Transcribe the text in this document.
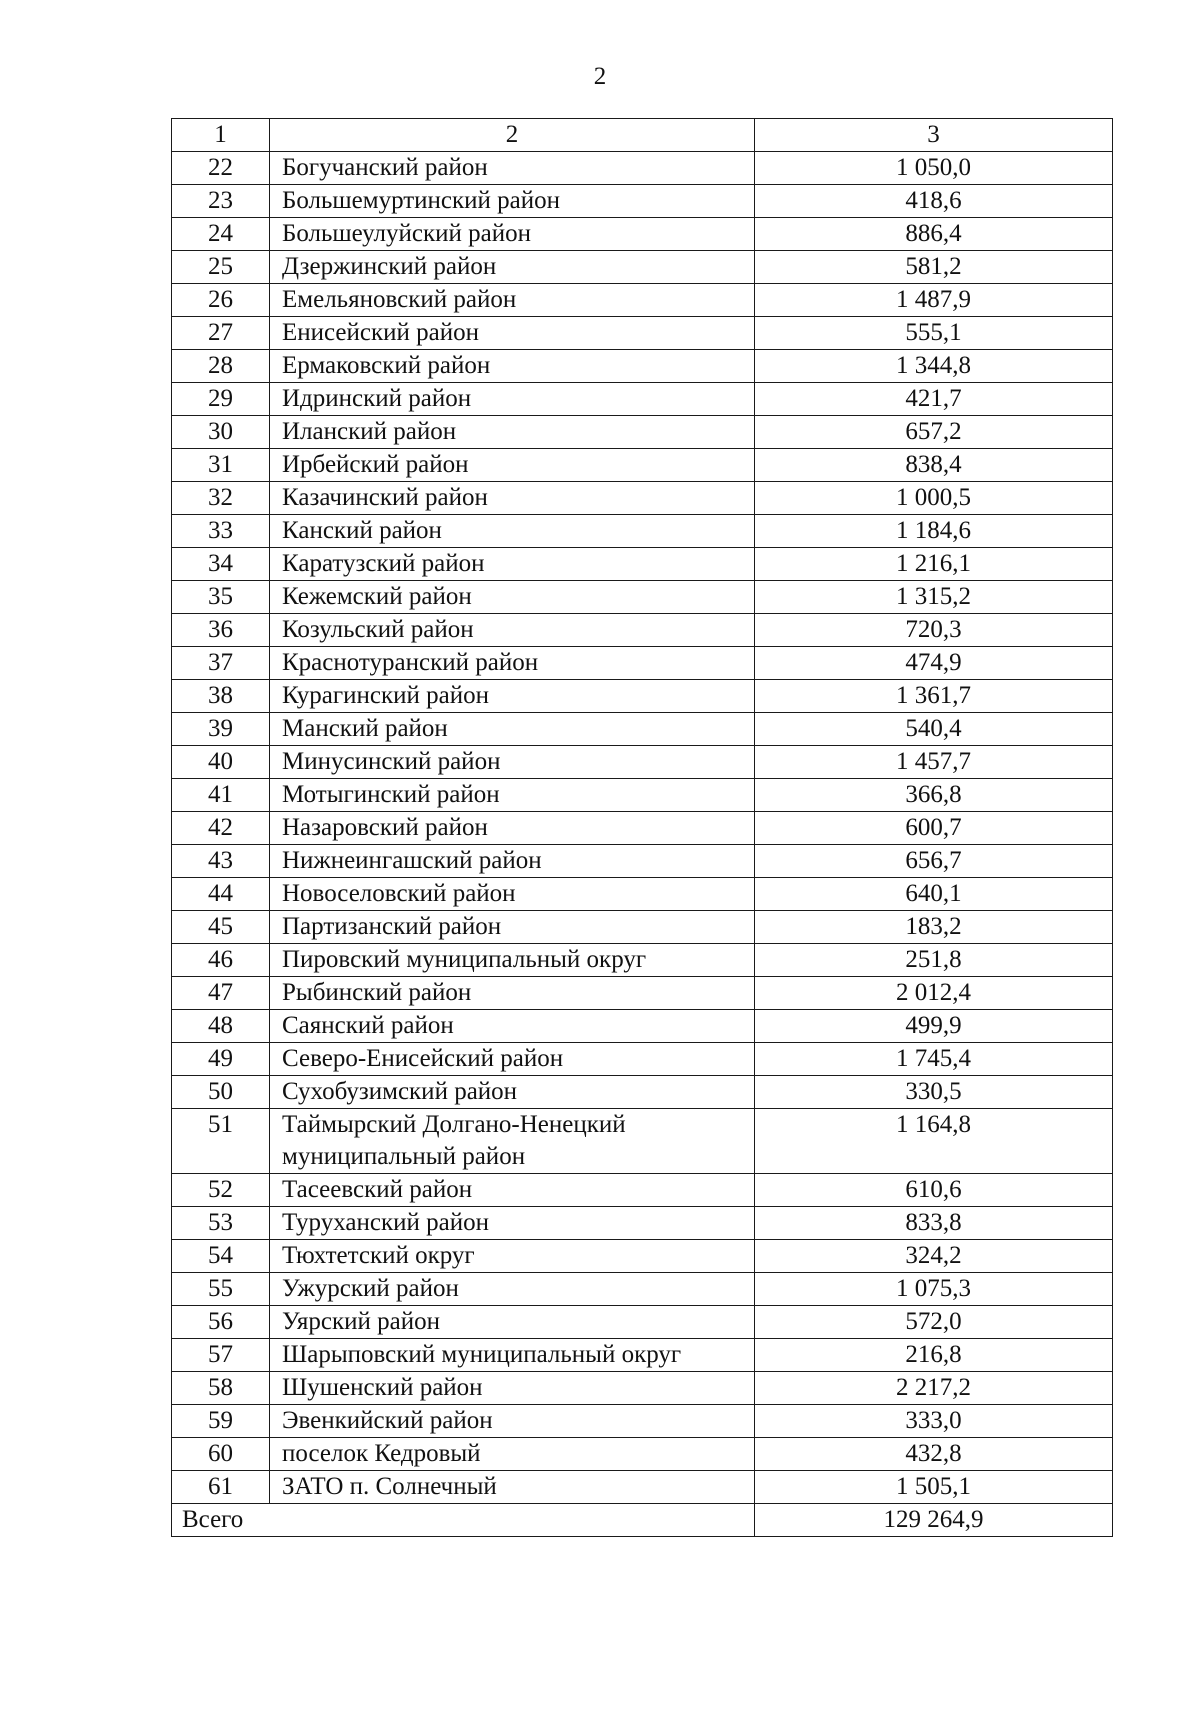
2
1	2	3
22	Богучанский район	1 050,0
23	Большемуртинский район	418,6
24	Большеулуйский район	886,4
25	Дзержинский район	581,2
26	Емельяновский район	1 487,9
27	Енисейский район	555,1
28	Ермаковский район	1 344,8
29	Идринский район	421,7
30	Иланский район	657,2
31	Ирбейский район	838,4
32	Казачинский район	1 000,5
33	Канский район	1 184,6
34	Каратузский район	1 216,1
35	Кежемский район	1 315,2
36	Козульский район	720,3
37	Краснотуранский район	474,9
38	Курагинский район	1 361,7
39	Манский район	540,4
40	Минусинский район	1 457,7
41	Мотыгинский район	366,8
42	Назаровский район	600,7
43	Нижнеингашский район	656,7
44	Новоселовский район	640,1
45	Партизанский район	183,2
46	Пировский муниципальный округ	251,8
47	Рыбинский район	2 012,4
48	Саянский район	499,9
49	Северо-Енисейский район	1 745,4
50	Сухобузимский район	330,5
51	Таймырский Долгано-Ненецкий муниципальный район	1 164,8
52	Тасеевский район	610,6
53	Туруханский район	833,8
54	Тюхтетский округ	324,2
55	Ужурский район	1 075,3
56	Уярский район	572,0
57	Шарыповский муниципальный округ	216,8
58	Шушенский район	2 217,2
59	Эвенкийский район	333,0
60	поселок Кедровый	432,8
61	ЗАТО п. Солнечный	1 505,1
Всего		129 264,9
